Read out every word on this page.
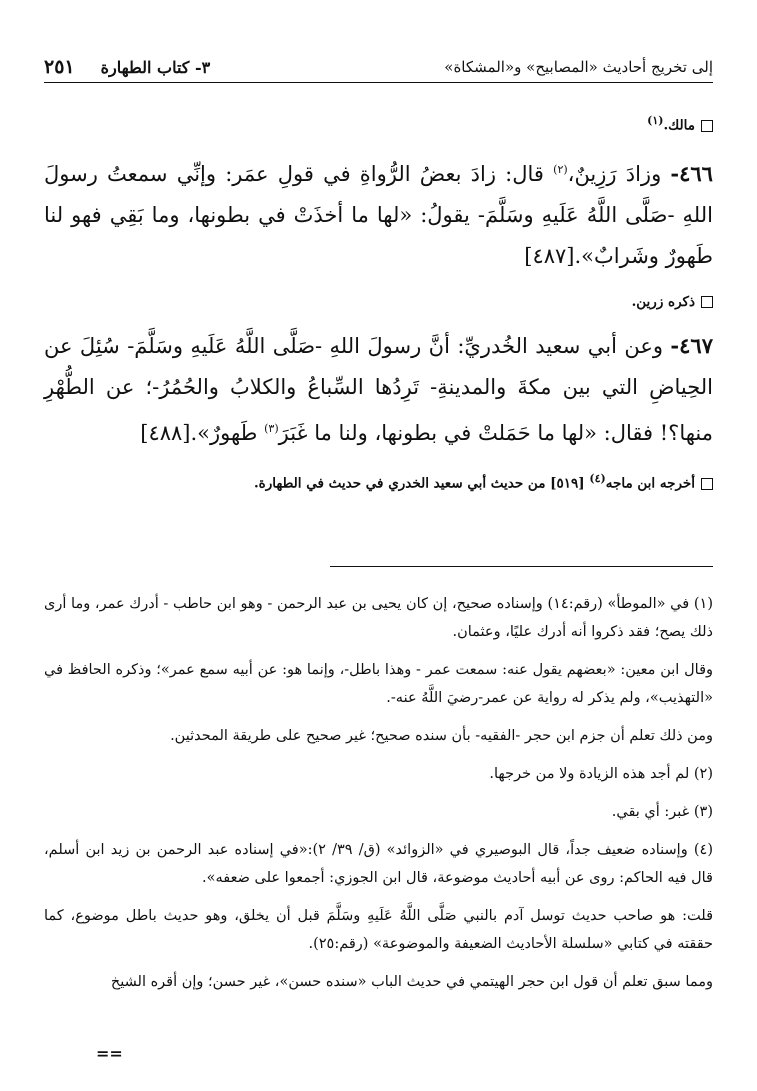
إلى تخريج أحاديث «المصابيح» و«المشكاة»
٣- كتاب الطهارة
٢٥١
مالك.$^{(١)}$

٤٦٦- وزادَ رَزِينٌ،$^{(٢)}$ قال: زادَ بعضُ الرُّواةِ في قولِ عمَر: وإنِّي سمعتُ رسولَ اللهِ -صَلَّى اللَّهُ عَلَيهِ وسَلَّمَ- يقولُ: «لها ما أخذَتْ في بطونها، وما بَقِي فهو لنا طَهورٌ وشَرابٌ».[٤٨٧]

ذكره زرين.

٤٦٧- وعن أبي سعيد الخُدريِّ: أنَّ رسولَ اللهِ -صَلَّى اللَّهُ عَلَيهِ وسَلَّمَ- سُئِلَ عن الحِياضِ التي بين مكةَ والمدينةِ- تَرِدُها السِّباعُ والكلابُ والحُمُرُ-؛ عن الطُّهْرِ منها؟! فقال: «لها ما حَمَلتْ في بطونها، ولنا ما غَبَرَ$^{(٣)}$ طَهورٌ».[٤٨٨]

أخرجه ابن ماجه$^{(٤)}$ [٥١٩] من حديث أبي سعيد الخدري في حديث في الطهارة.

(١) في «الموطأ» (رقم:١٤) وإسناده صحيح، إن كان يحيى بن عبد الرحمن - وهو ابن حاطب - أدرك عمر، وما أرى ذلك يصح؛ فقد ذكروا أنه أدرك عليًا، وعثمان.

وقال ابن معين: «بعضهم يقول عنه: سمعت عمر - وهذا باطل-، وإنما هو: عن أبيه سمع عمر»؛ وذكره الحافظ في «التهذيب»، ولم يذكر له رواية عن عمر-رضيَ اللَّهُ عنه-.

ومن ذلك تعلم أن جزم ابن حجر -الفقيه- بأن سنده صحيح؛ غير صحيح على طريقة المحدثين.

(٢) لم أجد هذه الزيادة ولا من خرجها.

(٣) غبر: أي بقي.

(٤) وإسناده ضعيف جداً، قال البوصيري في «الزوائد» (ق/ ٣٩/ ٢):«في إسناده عبد الرحمن بن زيد ابن أسلم، قال فيه الحاكم: روى عن أبيه أحاديث موضوعة، قال ابن الجوزي: أجمعوا على ضعفه».

قلت: هو صاحب حديث توسل آدم بالنبي صَلَّى اللَّهُ عَلَيهِ وسَلَّمَ قبل أن يخلق، وهو حديث باطل موضوع، كما حققته في كتابي «سلسلة الأحاديث الضعيفة والموضوعة» (رقم:٢٥).

ومما سبق تعلم أن قول ابن حجر الهيتمي في حديث الباب «سنده حسن»، غير حسن؛ وإن أقره الشيخ

==
